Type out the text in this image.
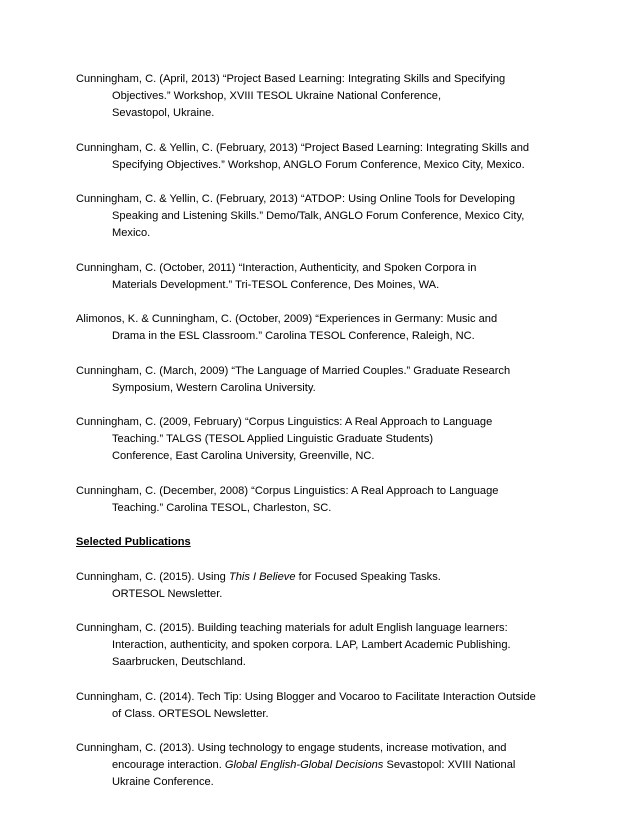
Cunningham, C. (April, 2013) “Project Based Learning: Integrating Skills and Specifying
Objectives.” Workshop, XVIII TESOL Ukraine National Conference,
Sevastopol, Ukraine.
Cunningham, C. & Yellin, C. (February, 2013) “Project Based Learning: Integrating Skills and
Specifying Objectives.” Workshop, ANGLO Forum Conference, Mexico City, Mexico.
Cunningham, C. & Yellin, C. (February, 2013) “ATDOP: Using Online Tools for Developing
Speaking and Listening Skills.” Demo/Talk, ANGLO Forum Conference, Mexico City,
Mexico.
Cunningham, C. (October, 2011) “Interaction, Authenticity, and Spoken Corpora in
Materials Development.” Tri-TESOL Conference, Des Moines, WA.
Alimonos, K. & Cunningham, C. (October, 2009) “Experiences in Germany: Music and
Drama in the ESL Classroom.” Carolina TESOL Conference, Raleigh, NC.
Cunningham, C. (March, 2009) “The Language of Married Couples.” Graduate Research
Symposium, Western Carolina University.
Cunningham, C. (2009, February) “Corpus Linguistics: A Real Approach to Language
Teaching.” TALGS (TESOL Applied Linguistic Graduate Students)
Conference, East Carolina University, Greenville, NC.
Cunningham, C. (December, 2008) “Corpus Linguistics: A Real Approach to Language
Teaching.” Carolina TESOL, Charleston, SC.
Selected Publications
Cunningham, C. (2015). Using This I Believe for Focused Speaking Tasks.
ORTESOL Newsletter.
Cunningham, C. (2015). Building teaching materials for adult English language learners:
Interaction, authenticity, and spoken corpora. LAP, Lambert Academic Publishing.
Saarbrucken, Deutschland.
Cunningham, C. (2014). Tech Tip: Using Blogger and Vocaroo to Facilitate Interaction Outside
of Class. ORTESOL Newsletter.
Cunningham, C. (2013). Using technology to engage students, increase motivation, and
encourage interaction. Global English-Global Decisions Sevastopol: XVIII National
Ukraine Conference.
